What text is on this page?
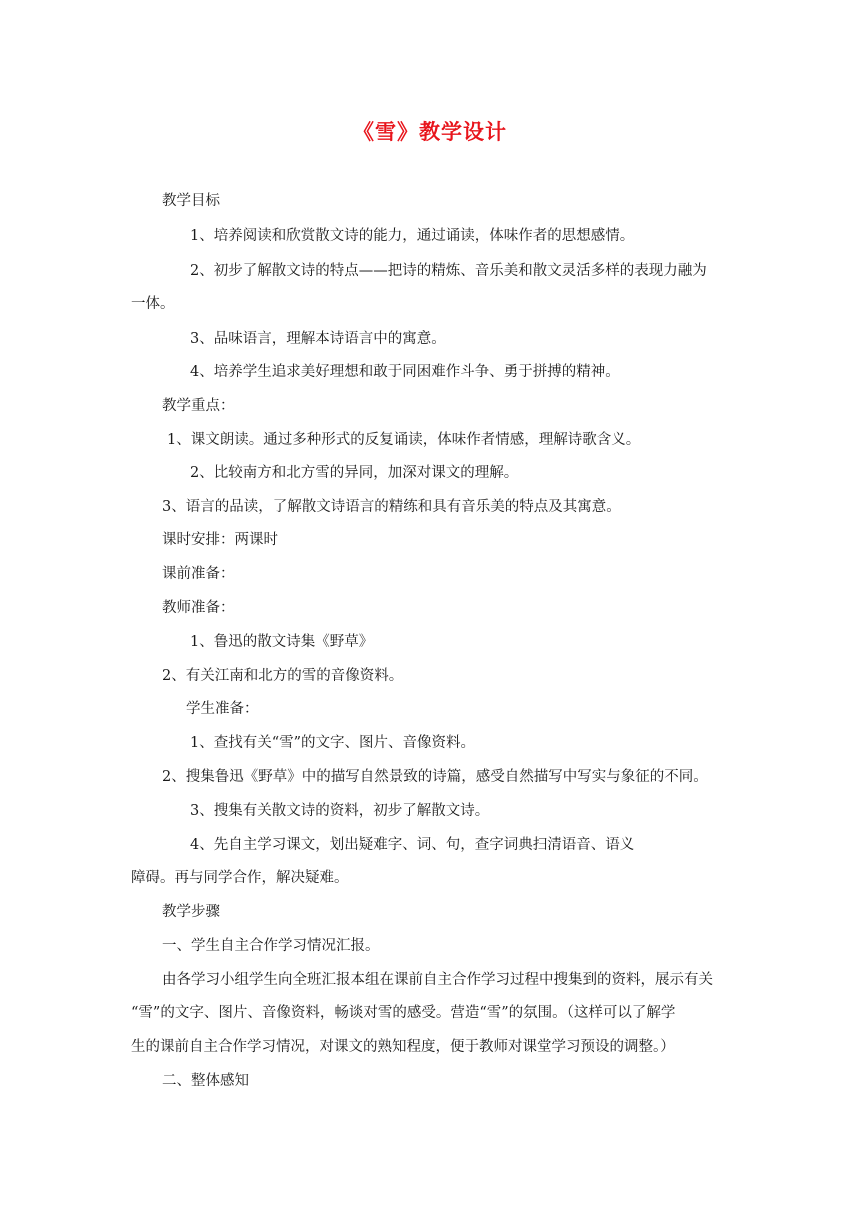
《雪》教学设计
教学目标
1、培养阅读和欣赏散文诗的能力，通过诵读，体味作者的思想感情。
2、初步了解散文诗的特点——把诗的精炼、音乐美和散文灵活多样的表现力融为
一体。
3、品味语言，理解本诗语言中的寓意。
4、培养学生追求美好理想和敢于同困难作斗争、勇于拼搏的精神。
教学重点：
1、课文朗读。通过多种形式的反复诵读，体味作者情感，理解诗歌含义。
2、比较南方和北方雪的异同，加深对课文的理解。
3、语言的品读，了解散文诗语言的精练和具有音乐美的特点及其寓意。
课时安排：两课时
课前准备：
教师准备：
1、鲁迅的散文诗集《野草》
2、有关江南和北方的雪的音像资料。
学生准备：
1、查找有关“雪”的文字、图片、音像资料。
2、搜集鲁迅《野草》中的描写自然景致的诗篇，感受自然描写中写实与象征的不同。
3、搜集有关散文诗的资料，初步了解散文诗。
4、先自主学习课文，划出疑难字、词、句，查字词典扫清语音、语义
障碍。再与同学合作，解决疑难。
教学步骤
一、学生自主合作学习情况汇报。
由各学习小组学生向全班汇报本组在课前自主合作学习过程中搜集到的资料，展示有关
“雪”的文字、图片、音像资料，畅谈对雪的感受。营造“雪”的氛围。（这样可以了解学
生的课前自主合作学习情况，对课文的熟知程度，便于教师对课堂学习预设的调整。）
二、整体感知
